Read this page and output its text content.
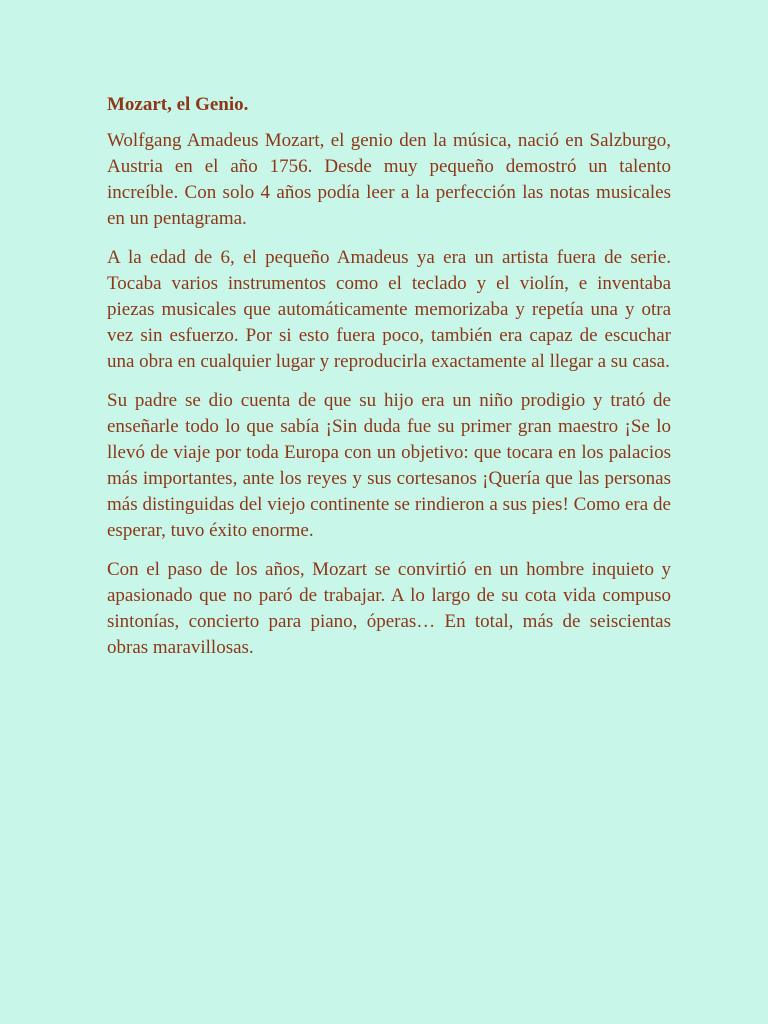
Mozart, el Genio.

Wolfgang Amadeus Mozart, el genio den la música, nació en Salzburgo, Austria en el año 1756. Desde muy pequeño demostró un talento increíble. Con solo 4 años podía leer a la perfección las notas musicales en un pentagrama.

A la edad de 6, el pequeño Amadeus ya era un artista fuera de serie. Tocaba varios instrumentos como el teclado y el violín, e inventaba piezas musicales que automáticamente memorizaba y repetía una y otra vez sin esfuerzo. Por si esto fuera poco, también era capaz de escuchar una obra en cualquier lugar y reproducirla exactamente al llegar a su casa.

Su padre se dio cuenta de que su hijo era un niño prodigio y trató de enseñarle todo lo que sabía ¡Sin duda fue su primer gran maestro ¡Se lo llevó de viaje por toda Europa con un objetivo: que tocara en los palacios más importantes, ante los reyes y sus cortesanos ¡Quería que las personas más distinguidas del viejo continente se rindieron a sus pies! Como era de esperar, tuvo éxito enorme.

Con el paso de los años, Mozart se convirtió en un hombre inquieto y apasionado que no paró de trabajar. A lo largo de su cota vida compuso sintonías, concierto para piano, óperas… En total, más de seiscientas obras maravillosas.
